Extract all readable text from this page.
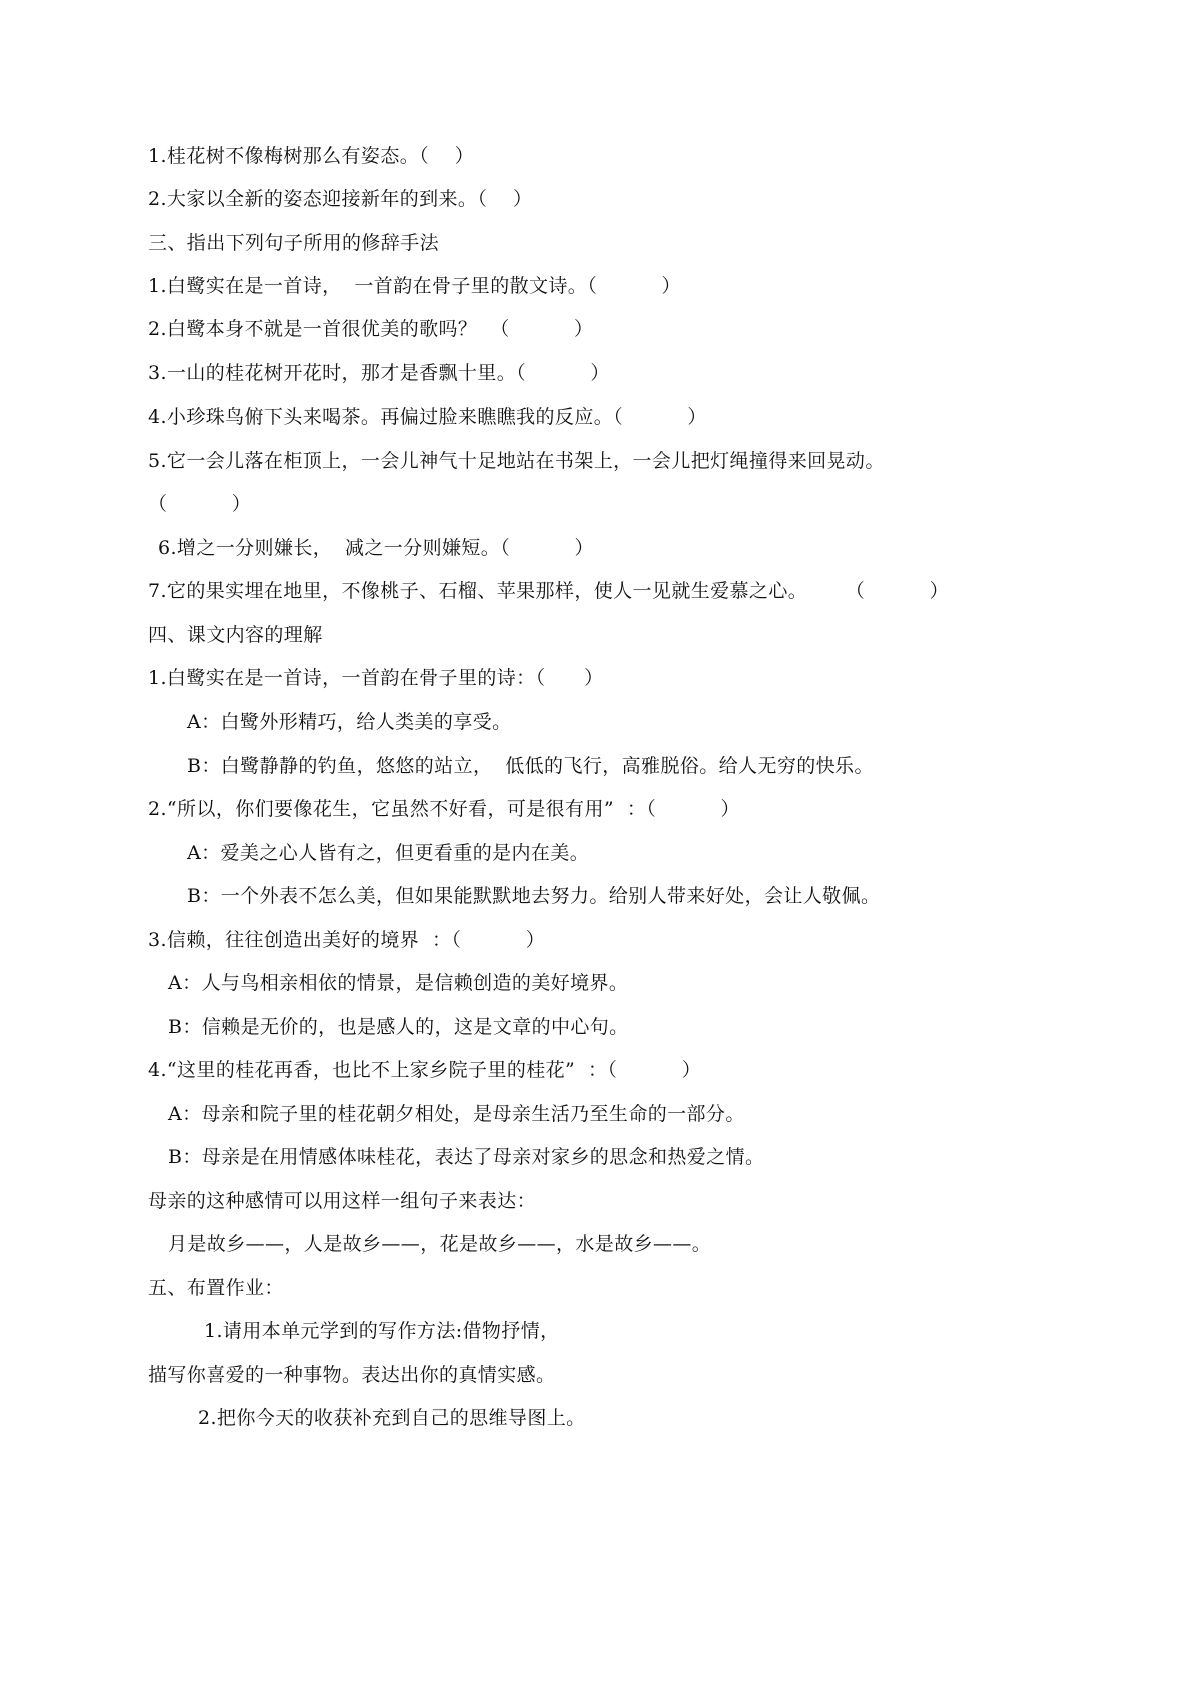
1.桂花树不像梅树那么有姿态。（    ）
2.大家以全新的姿态迎接新年的到来。（    ）
三、指出下列句子所用的修辞手法
1.白鹭实在是一首诗，  一首韵在骨子里的散文诗。（          ）
2.白鹭本身不就是一首很优美的歌吗？  （          ）
3.一山的桂花树开花时，那才是香飘十里。（          ）
4.小珍珠鸟俯下头来喝茶。再偏过脸来瞧瞧我的反应。（          ）
5.它一会儿落在柜顶上，一会儿神气十足地站在书架上，一会儿把灯绳撞得来回晃动。
（          ）
6.增之一分则嫌长，  减之一分则嫌短。（          ）
7.它的果实埋在地里，不像桃子、石榴、苹果那样，使人一见就生爱慕之心。      （          ）
四、课文内容的理解
1.白鹭实在是一首诗，一首韵在骨子里的诗：（      ）
A：白鹭外形精巧，给人类美的享受。
B：白鹭静静的钓鱼，悠悠的站立，  低低的飞行，高雅脱俗。给人无穷的快乐。
2.“所以，你们要像花生，它虽然不好看，可是很有用”  ：（          ）
A：爱美之心人皆有之，但更看重的是内在美。
B：一个外表不怎么美，但如果能默默地去努力。给别人带来好处，会让人敬佩。
3.信赖，往往创造出美好的境界  ：（          ）
A：人与鸟相亲相依的情景，是信赖创造的美好境界。
B：信赖是无价的，也是感人的，这是文章的中心句。
4.“这里的桂花再香，也比不上家乡院子里的桂花”  ：（          ）
A：母亲和院子里的桂花朝夕相处，是母亲生活乃至生命的一部分。
B：母亲是在用情感体味桂花，表达了母亲对家乡的思念和热爱之情。
母亲的这种感情可以用这样一组句子来表达：
月是故乡——，人是故乡——，花是故乡——，水是故乡——。
五、布置作业：
1.请用本单元学到的写作方法:借物抒情，
描写你喜爱的一种事物。表达出你的真情实感。
2.把你今天的收获补充到自己的思维导图上。
